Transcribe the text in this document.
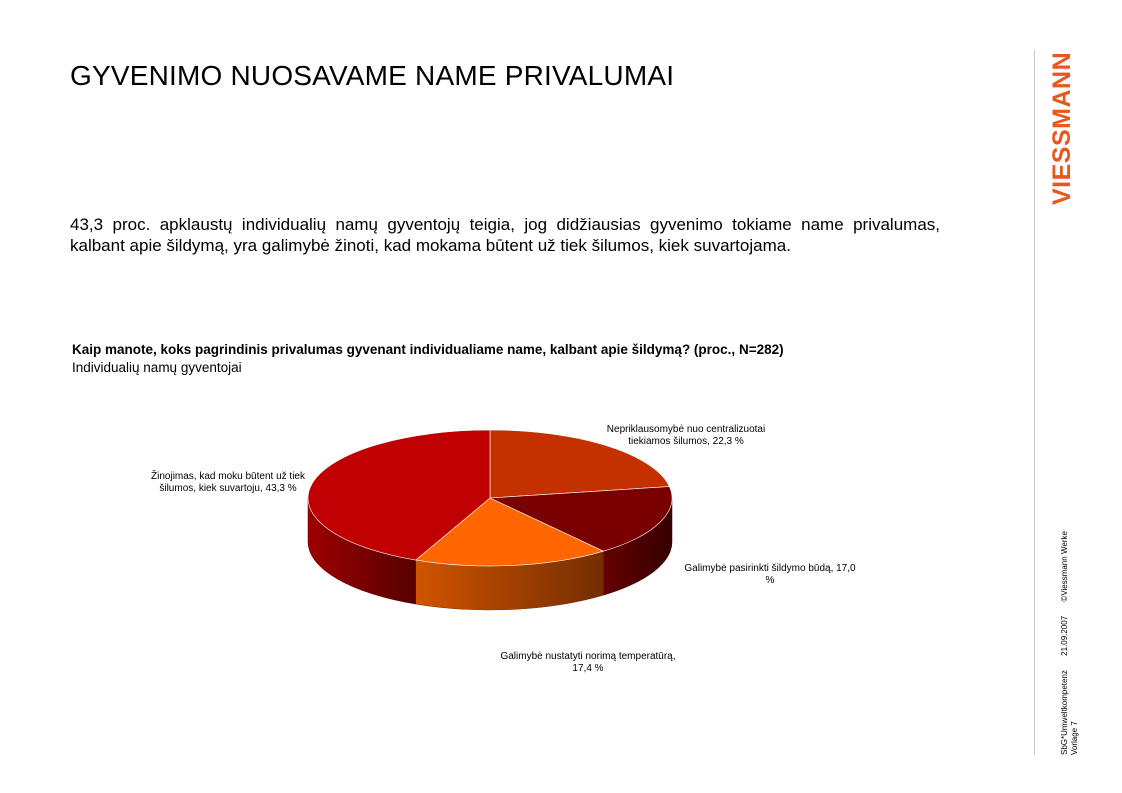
GYVENIMO NUOSAVAME NAME PRIVALUMAI

43,3 proc. apklaustų individualių namų gyventojų teigia, jog didžiausias gyvenimo tokiame name privalumas, kalbant apie šildymą, yra galimybė žinoti, kad mokama būtent už tiek šilumos, kiek suvartojama.

Kaip manote, koks pagrindinis privalumas gyvenant individualiame name, kalbant apie šildymą? (proc., N=282)
Individualių namų gyventojai
Nepriklausomybė nuo centralizuotai tiekiamos šilumos, 22,3 %
Galimybė pasirinkti šildymo būdą, 17,0 %
Galimybė nustatyti norimą temperatūrą, 17,4 %
Žinojimas, kad moku būtent už tiek šilumos, kiek suvartoju, 43,3 %
VIESSMANN
SbG*Umweltkompetenz 21.09.2007 ©Viessmann Werke
Vorlage 7
